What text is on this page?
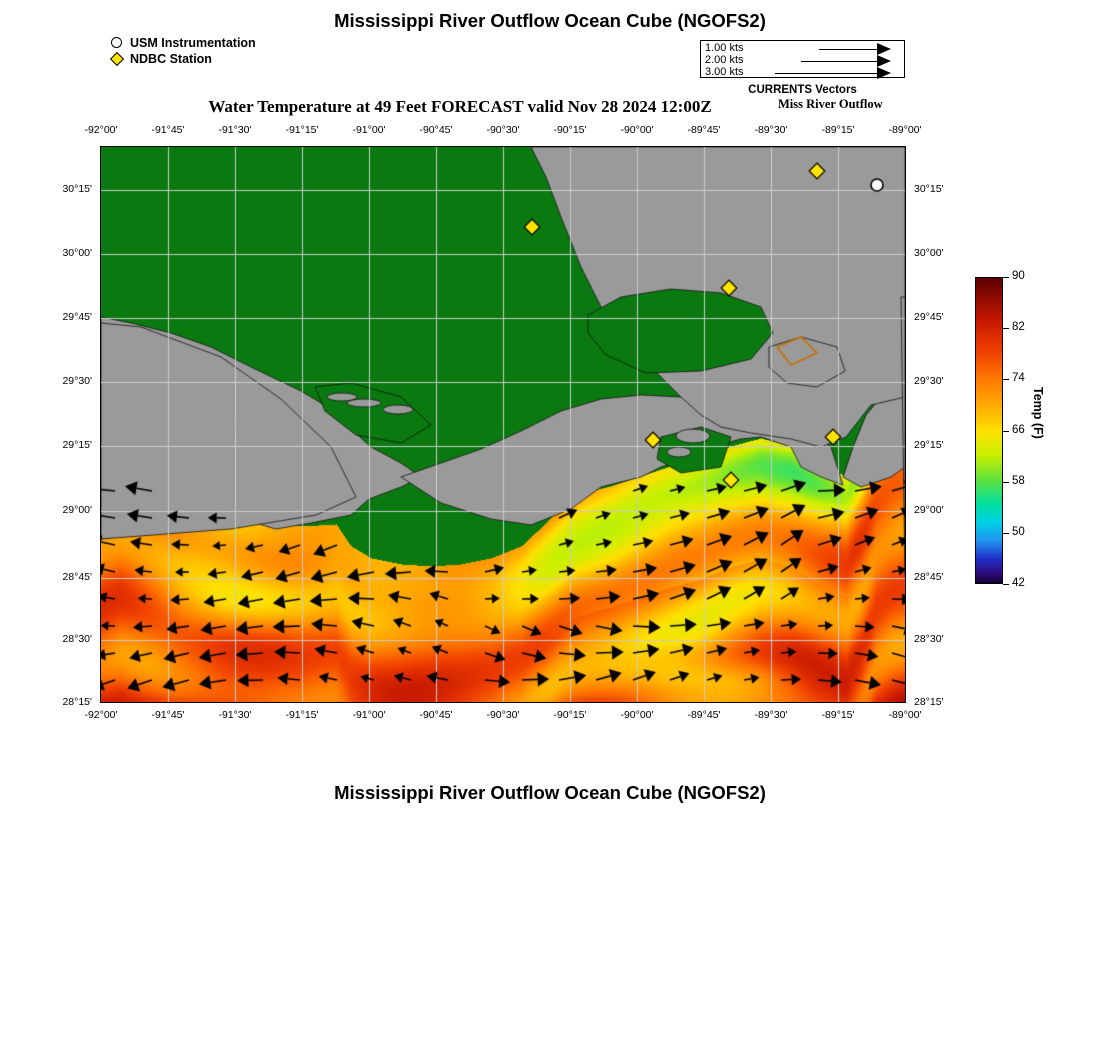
Mississippi River Outflow Ocean Cube (NGOFS2)
USM Instrumentation
NDBC Station
1.00 kts
2.00 kts
3.00 kts
CURRENTS Vectors
Water Temperature at 49 Feet FORECAST valid Nov 28 2024 12:00Z	Miss River Outflow
-92°00'
-92°00'
-91°45'
-91°45'
-91°30'
-91°30'
-91°15'
-91°15'
-91°00'
-91°00'
-90°45'
-90°45'
-90°30'
-90°30'
-90°15'
-90°15'
-90°00'
-90°00'
-89°45'
-89°45'
-89°30'
-89°30'
-89°15'
-89°15'
-89°00'
-89°00'
30°15'	30°15'
30°00'	30°00'
29°45'	29°45'
29°30'	29°30'
29°15'	29°15'
29°00'	29°00'
28°45'	28°45'
28°30'	28°30'
28°15'	28°15'
90
82
74
66
58
50
42
Temp (F)
Mississippi River Outflow Ocean Cube (NGOFS2)
